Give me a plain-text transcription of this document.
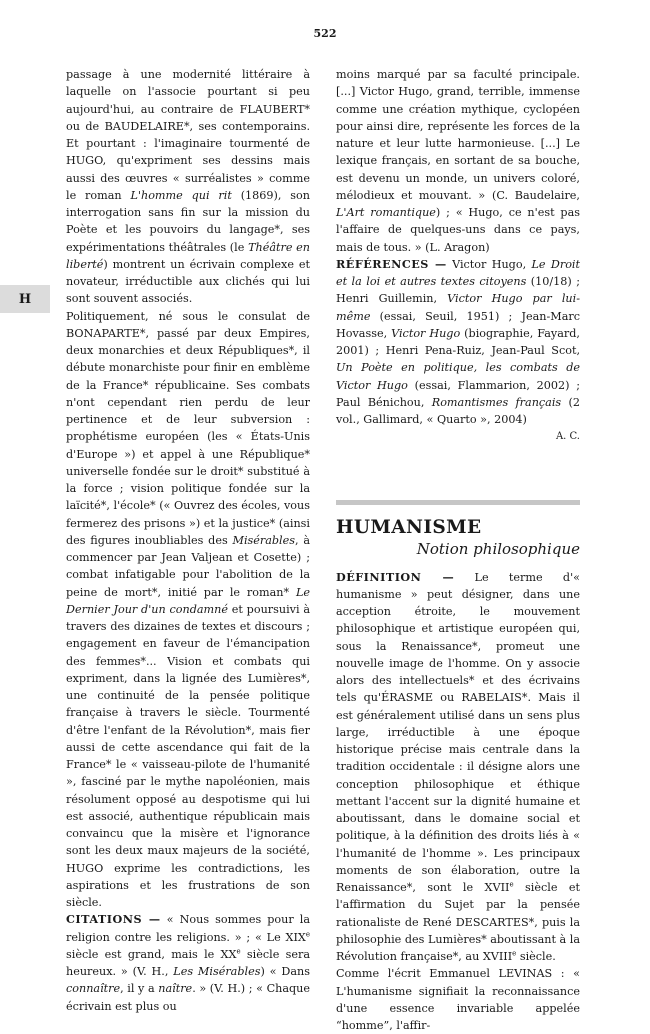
522
H

passage à une modernité littéraire à laquelle on l'associe pourtant si peu aujourd'hui, au contraire de FLAUBERT* ou de BAUDELAIRE*, ses contemporains. Et pourtant : l'imaginaire tourmenté de HUGO, qu'expriment ses dessins mais aussi des œuvres « surréalistes » comme le roman L'homme qui rit (1869), son interrogation sans fin sur la mission du Poète et les pouvoirs du langage*, ses expérimentations théâtrales (le Théâtre en liberté) montrent un écrivain complexe et novateur, irréductible aux clichés qui lui sont souvent associés.

Politiquement, né sous le consulat de BONAPARTE*, passé par deux Empires, deux monarchies et deux Républiques*, il débute monarchiste pour finir en emblème de la France* républicaine. Ses combats n'ont cependant rien perdu de leur pertinence et de leur subversion : prophétisme européen (les « États-Unis d'Europe ») et appel à une République* universelle fondée sur le droit* substitué à la force ; vision politique fondée sur la laïcité*, l'école* (« Ouvrez des écoles, vous fermerez des prisons ») et la justice* (ainsi des figures inoubliables des Misérables, à commencer par Jean Valjean et Cosette) ; combat infatigable pour l'abolition de la peine de mort*, initié par le roman* Le Dernier Jour d'un condamné et poursuivi à travers des dizaines de textes et discours ; engagement en faveur de l'émancipation des femmes*... Vision et combats qui expriment, dans la lignée des Lumières*, une continuité de la pensée politique française à travers le siècle. Tourmenté d'être l'enfant de la Révolution*, mais fier aussi de cette ascendance qui fait de la France* le « vaisseau-pilote de l'humanité », fasciné par le mythe napoléonien, mais résolument opposé au despotisme qui lui est associé, authentique républicain mais convaincu que la misère et l'ignorance sont les deux maux majeurs de la société, HUGO exprime les contradictions, les aspirations et les frustrations de son siècle.

CITATIONS — « Nous sommes pour la religion contre les religions. » ; « Le XIXe siècle est grand, mais le XXe siècle sera heureux. » (V. H., Les Misérables) « Dans connaître, il y a naître. » (V. H.) ; « Chaque écrivain est plus ou

moins marqué par sa faculté principale. [...] Victor Hugo, grand, terrible, immense comme une création mythique, cyclopéen pour ainsi dire, représente les forces de la nature et leur lutte harmonieuse. [...] Le lexique français, en sortant de sa bouche, est devenu un monde, un univers coloré, mélodieux et mouvant. » (C. Baudelaire, L'Art romantique) ; « Hugo, ce n'est pas l'affaire de quelques-uns dans ce pays, mais de tous. » (L. Aragon)

RÉFÉRENCES — Victor Hugo, Le Droit et la loi et autres textes citoyens (10/18) ; Henri Guillemin, Victor Hugo par lui-même (essai, Seuil, 1951) ; Jean-Marc Hovasse, Victor Hugo (biographie, Fayard, 2001) ; Henri Pena-Ruiz, Jean-Paul Scot, Un Poète en politique, les combats de Victor Hugo (essai, Flammarion, 2002) ; Paul Bénichou, Romantismes français (2 vol., Gallimard, « Quarto », 2004)

A. C.
HUMANISME
Notion philosophique

DÉFINITION — Le terme d'« humanisme » peut désigner, dans une acception étroite, le mouvement philosophique et artistique européen qui, sous la Renaissance*, promeut une nouvelle image de l'homme. On y associe alors des intellectuels* et des écrivains tels qu'ÉRASME ou RABELAIS*. Mais il est généralement utilisé dans un sens plus large, irréductible à une époque historique précise mais centrale dans la tradition occidentale : il désigne alors une conception philosophique et éthique mettant l'accent sur la dignité humaine et aboutissant, dans le domaine social et politique, à la définition des droits liés à « l'humanité de l'homme ». Les principaux moments de son élaboration, outre la Renaissance*, sont le XVIIe siècle et l'affirmation du Sujet par la pensée rationaliste de René DESCARTES*, puis la philosophie des Lumières* aboutissant à la Révolution française*, au XVIIIe siècle.

Comme l'écrit Emmanuel LEVINAS : « L'humanisme signifiait la reconnaissance d'une essence invariable appelée “homme”, l'affir-
